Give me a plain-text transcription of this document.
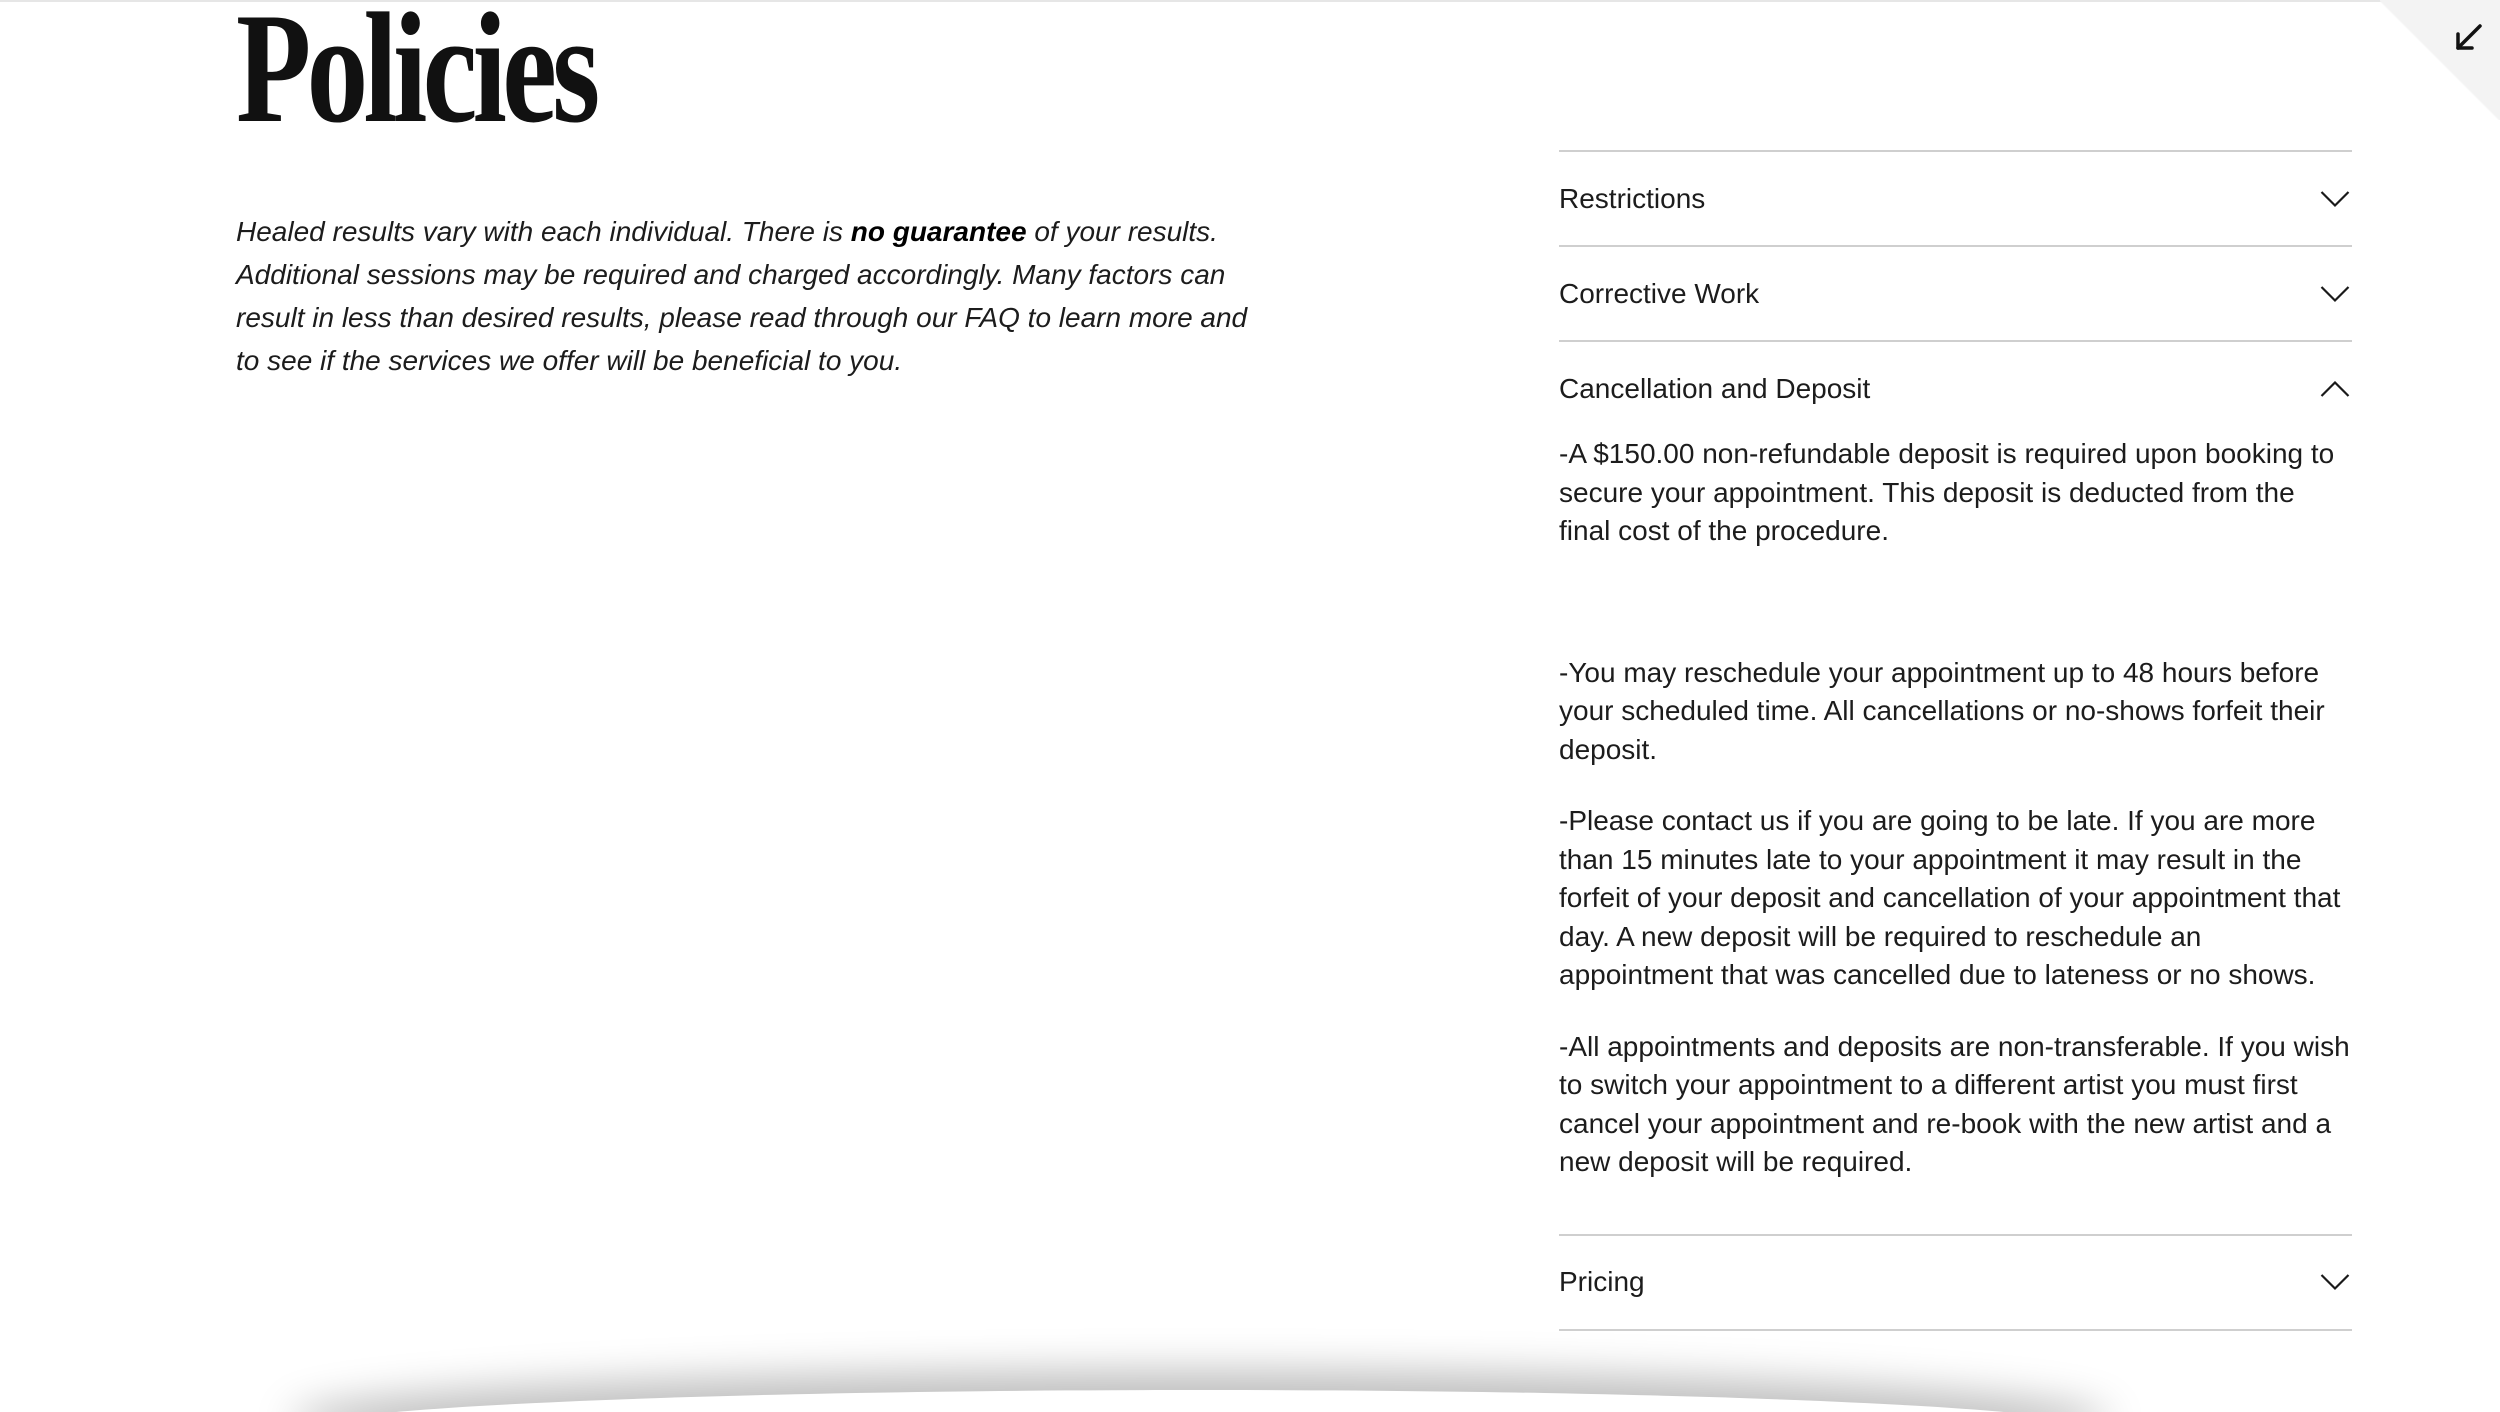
Policies

Healed results vary with each individual. There is no guarantee of your results. Additional sessions may be required and charged accordingly. Many factors can result in less than desired results, please read through our FAQ to learn more and to see if the services we offer will be beneficial to you.

Restrictions
Corrective Work
Cancellation and Deposit

-A $150.00 non-refundable deposit is required upon booking to secure your appointment. This deposit is deducted from the final cost of the procedure.

-You may reschedule your appointment up to 48 hours before your scheduled time. All cancellations or no-shows forfeit their deposit.

-Please contact us if you are going to be late. If you are more than 15 minutes late to your appointment it may result in the forfeit of your deposit and cancellation of your appointment that day. A new deposit will be required to reschedule an appointment that was cancelled due to lateness or no shows.

-All appointments and deposits are non-transferable. If you wish to switch your appointment to a different artist you must first cancel your appointment and re-book with the new artist and a new deposit will be required.

Pricing
